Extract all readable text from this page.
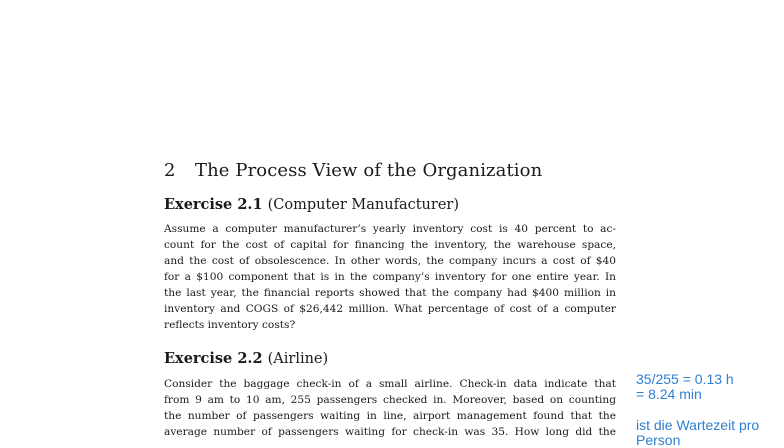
2 The Process View of the Organization
Exercise 2.1 (Computer Manufacturer)
Assume a computer manufacturer’s yearly inventory cost is 40 percent to ac-
count for the cost of capital for financing the inventory, the warehouse space,
and the cost of obsolescence. In other words, the company incurs a cost of $40
for a $100 component that is in the company’s inventory for one entire year. In
the last year, the financial reports showed that the company had $400 million in
inventory and COGS of $26,442 million. What percentage of cost of a computer
reflects inventory costs?
Exercise 2.2 (Airline)
Consider the baggage check-in of a small airline. Check-in data indicate that
from 9 am to 10 am, 255 passengers checked in. Moreover, based on counting
the number of passengers waiting in line, airport management found that the
average number of passengers waiting for check-in was 35. How long did the
35/255 = 0.13 h
= 8.24 min
ist die Wartezeit pro
Person
